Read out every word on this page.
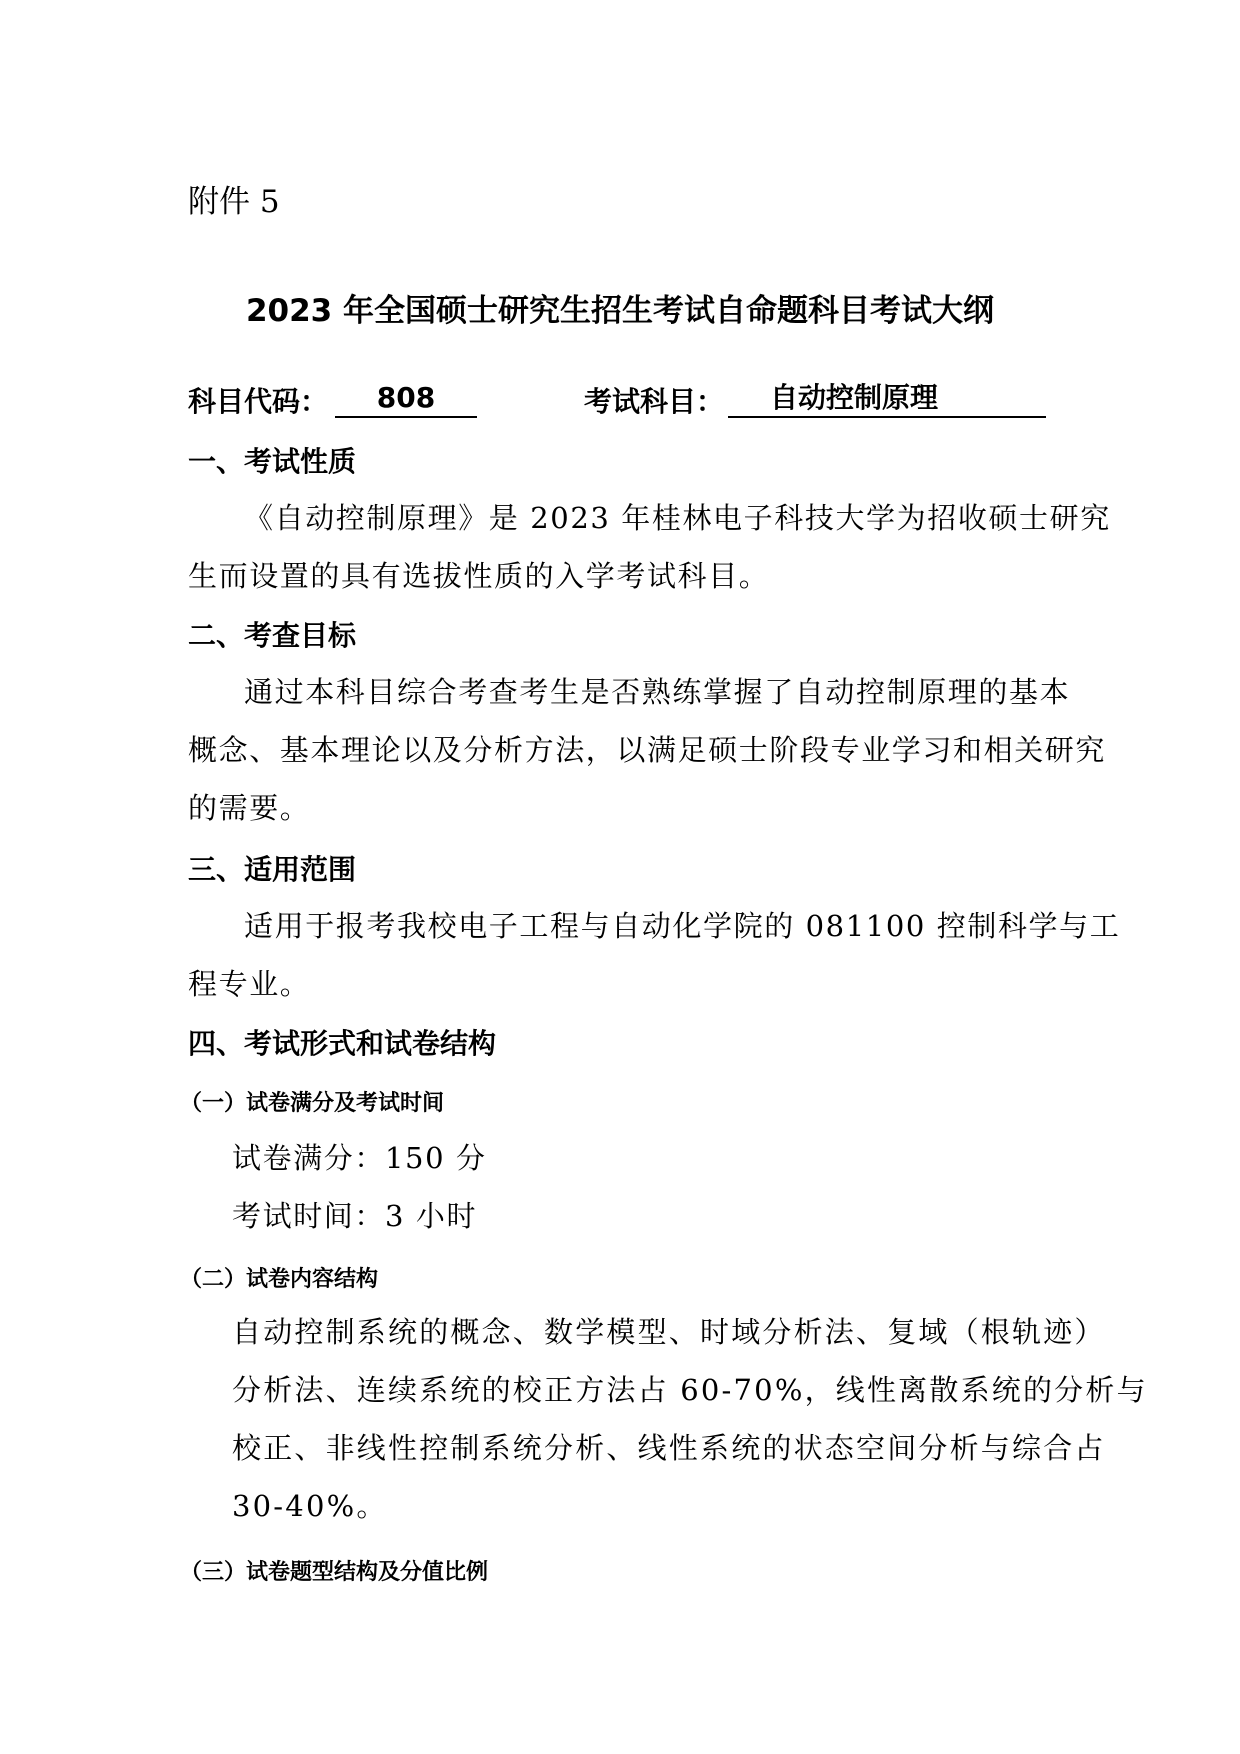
附件 5
2023 年全国硕士研究生招生考试自命题科目考试大纲
科目代码：	808	考试科目：	自动控制原理
一、考试性质
《自动控制原理》是 2023 年桂林电子科技大学为招收硕士研究
生而设置的具有选拔性质的入学考试科目。
二、考查目标
通过本科目综合考查考生是否熟练掌握了自动控制原理的基本
概念、基本理论以及分析方法，以满足硕士阶段专业学习和相关研究
的需要。
三、适用范围
适用于报考我校电子工程与自动化学院的 081100 控制科学与工
程专业。
四、考试形式和试卷结构
（一）试卷满分及考试时间
试卷满分：150 分
考试时间：3 小时
（二）试卷内容结构
自动控制系统的概念、数学模型、时域分析法、复域（根轨迹）
分析法、连续系统的校正方法占 60-70%，线性离散系统的分析与
校正、非线性控制系统分析、线性系统的状态空间分析与综合占
30-40%。
（三）试卷题型结构及分值比例
